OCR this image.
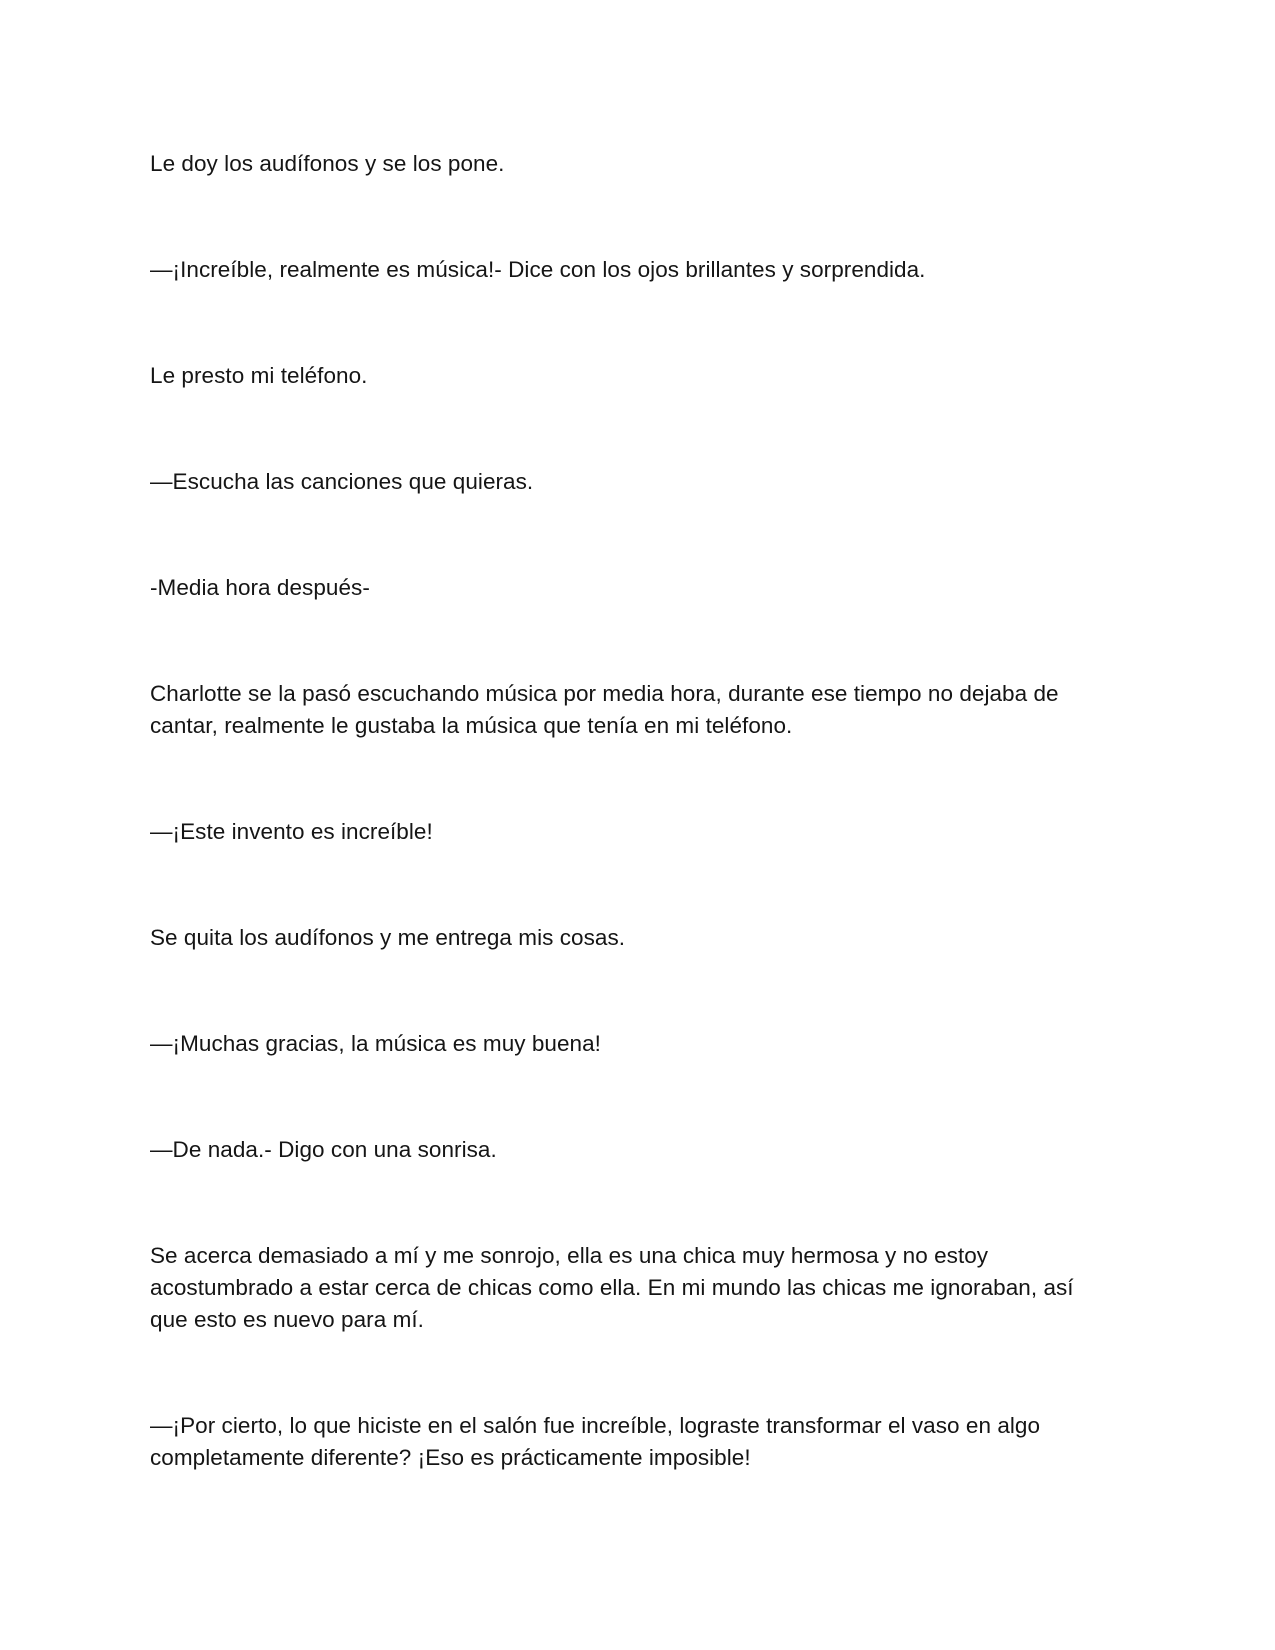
Le doy los audífonos y se los pone.

—¡Increíble, realmente es música!- Dice con los ojos brillantes y sorprendida.

Le presto mi teléfono.

—Escucha las canciones que quieras.

-Media hora después-

Charlotte se la pasó escuchando música por media hora, durante ese tiempo no dejaba de cantar, realmente le gustaba la música que tenía en mi teléfono.

—¡Este invento es increíble!

Se quita los audífonos y me entrega mis cosas.

—¡Muchas gracias, la música es muy buena!

—De nada.- Digo con una sonrisa.

Se acerca demasiado a mí y me sonrojo, ella es una chica muy hermosa y no estoy acostumbrado a estar cerca de chicas como ella. En mi mundo las chicas me ignoraban, así que esto es nuevo para mí.

—¡Por cierto, lo que hiciste en el salón fue increíble, lograste transformar el vaso en algo completamente diferente? ¡Eso es prácticamente imposible!
